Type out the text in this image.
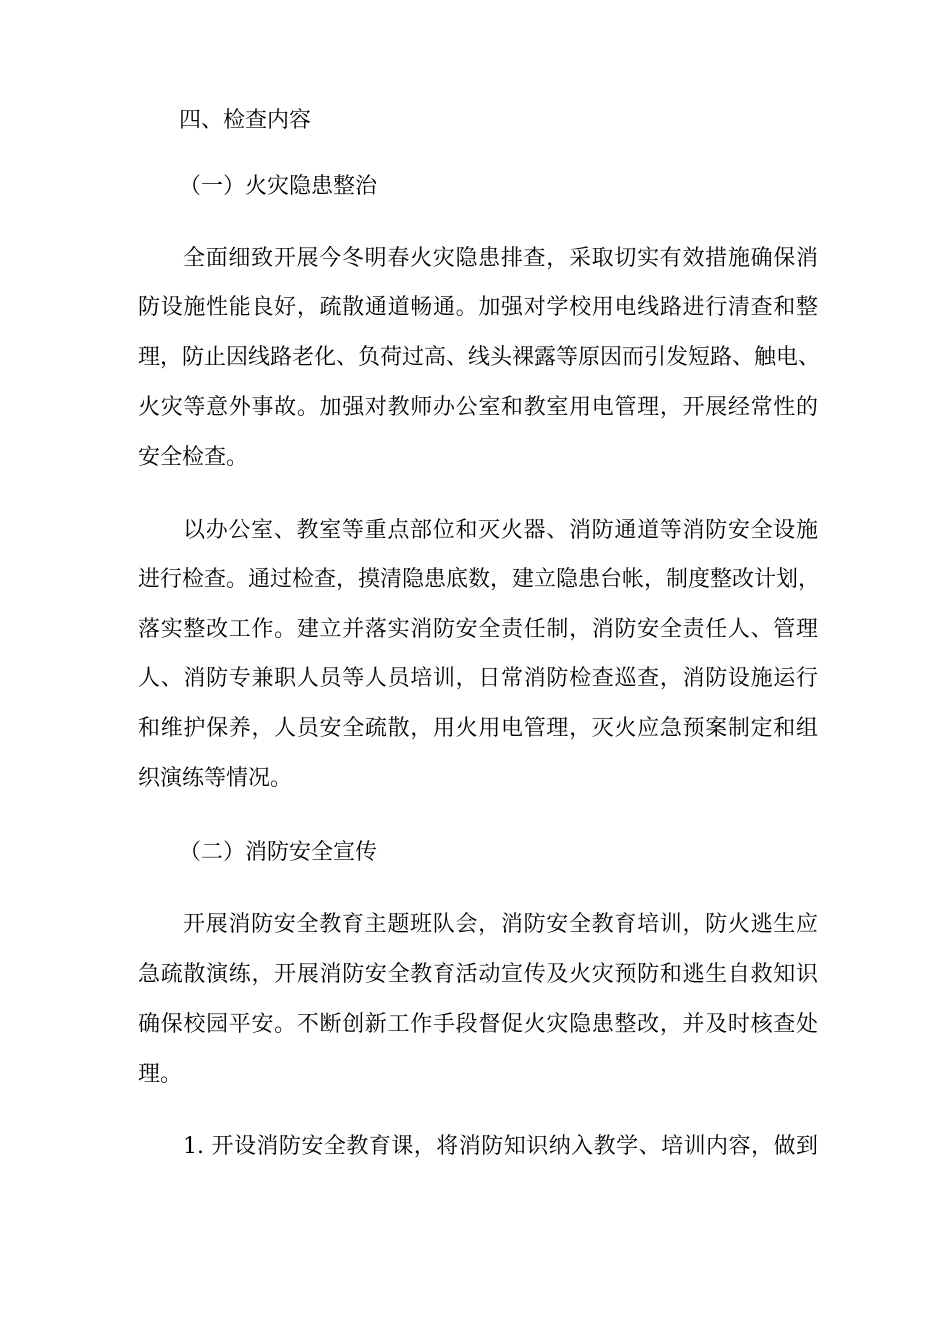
四、检查内容
（一）火灾隐患整治
全面细致开展今冬明春火灾隐患排查，采取切实有效措施确保消
防设施性能良好，疏散通道畅通。加强对学校用电线路进行清查和整
理，防止因线路老化、负荷过高、线头裸露等原因而引发短路、触电、
火灾等意外事故。加强对教师办公室和教室用电管理，开展经常性的
安全检查。
以办公室、教室等重点部位和灭火器、消防通道等消防安全设施
进行检查。通过检查，摸清隐患底数，建立隐患台帐，制度整改计划，
落实整改工作。建立并落实消防安全责任制，消防安全责任人、管理
人、消防专兼职人员等人员培训，日常消防检查巡查，消防设施运行
和维护保养，人员安全疏散，用火用电管理，灭火应急预案制定和组
织演练等情况。
（二）消防安全宣传
开展消防安全教育主题班队会，消防安全教育培训，防火逃生应
急疏散演练，开展消防安全教育活动宣传及火灾预防和逃生自救知识
确保校园平安。不断创新工作手段督促火灾隐患整改，并及时核查处
理。
1. 开设消防安全教育课，将消防知识纳入教学、培训内容，做到
